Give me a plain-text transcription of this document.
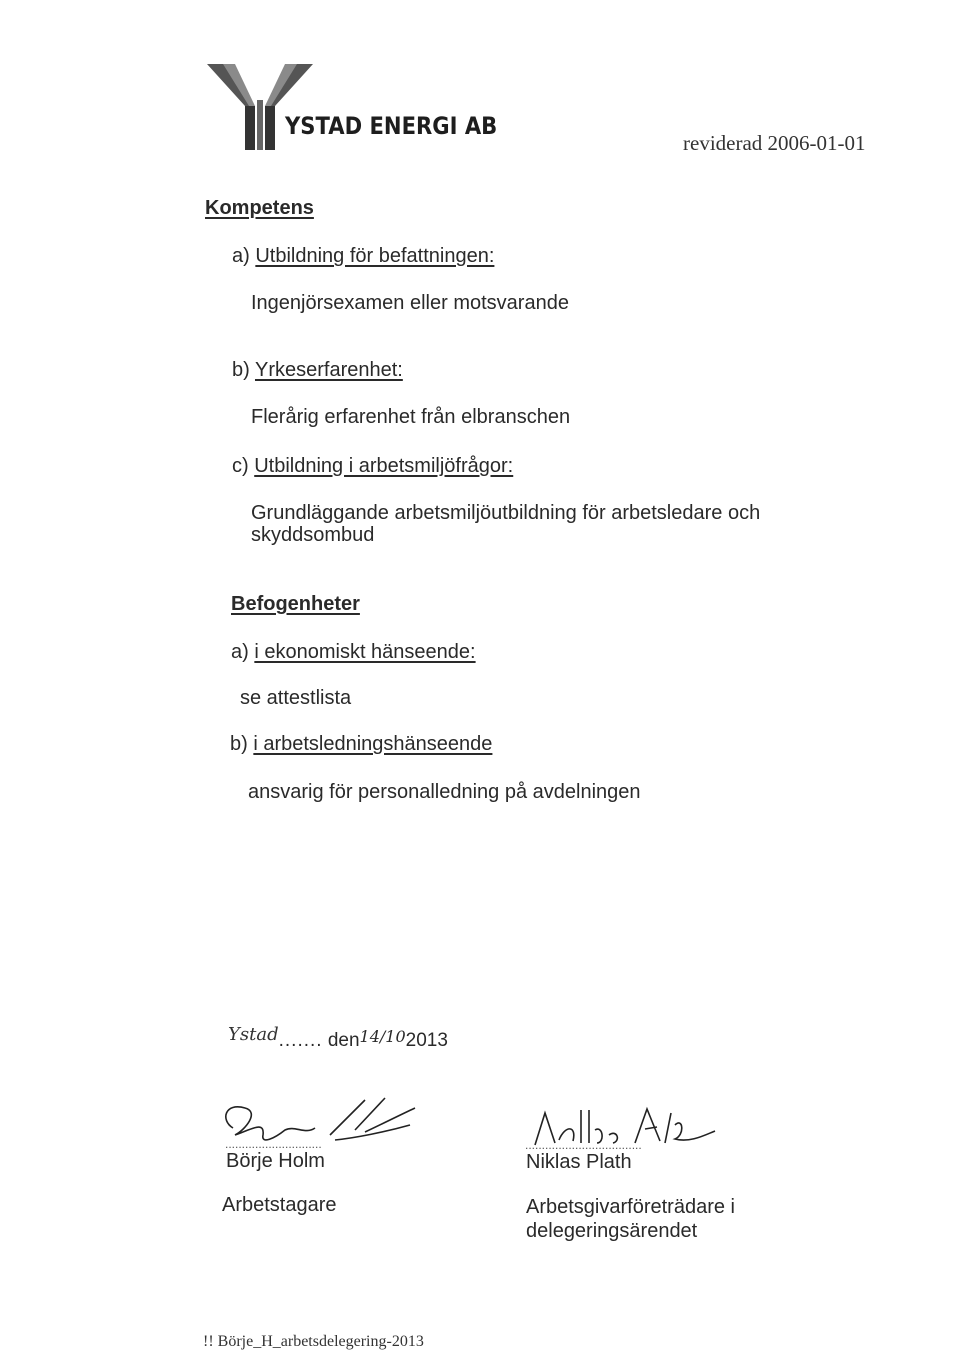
YSTAD ENERGI AB
reviderad 2006-01-01
Kompetens
a) Utbildning för befattningen:
Ingenjörsexamen eller motsvarande
b) Yrkeserfarenhet:
Flerårig erfarenhet från elbranschen
c) Utbildning i arbetsmiljöfrågor:
Grundläggande arbetsmiljöutbildning för arbetsledare och
skyddsombud
Befogenheter
a) i ekonomiskt hänseende:
se attestlista
b) i arbetsledningshänseende
ansvarig för personalledning på avdelningen
Ystad....... den$^{14/10}$2013
.............................	...................................
Börje Holm
Arbetstagare
Niklas Plath
Arbetsgivarföreträdare i
delegeringsärendet
!! Börje_H_arbetsdelegering-2013
